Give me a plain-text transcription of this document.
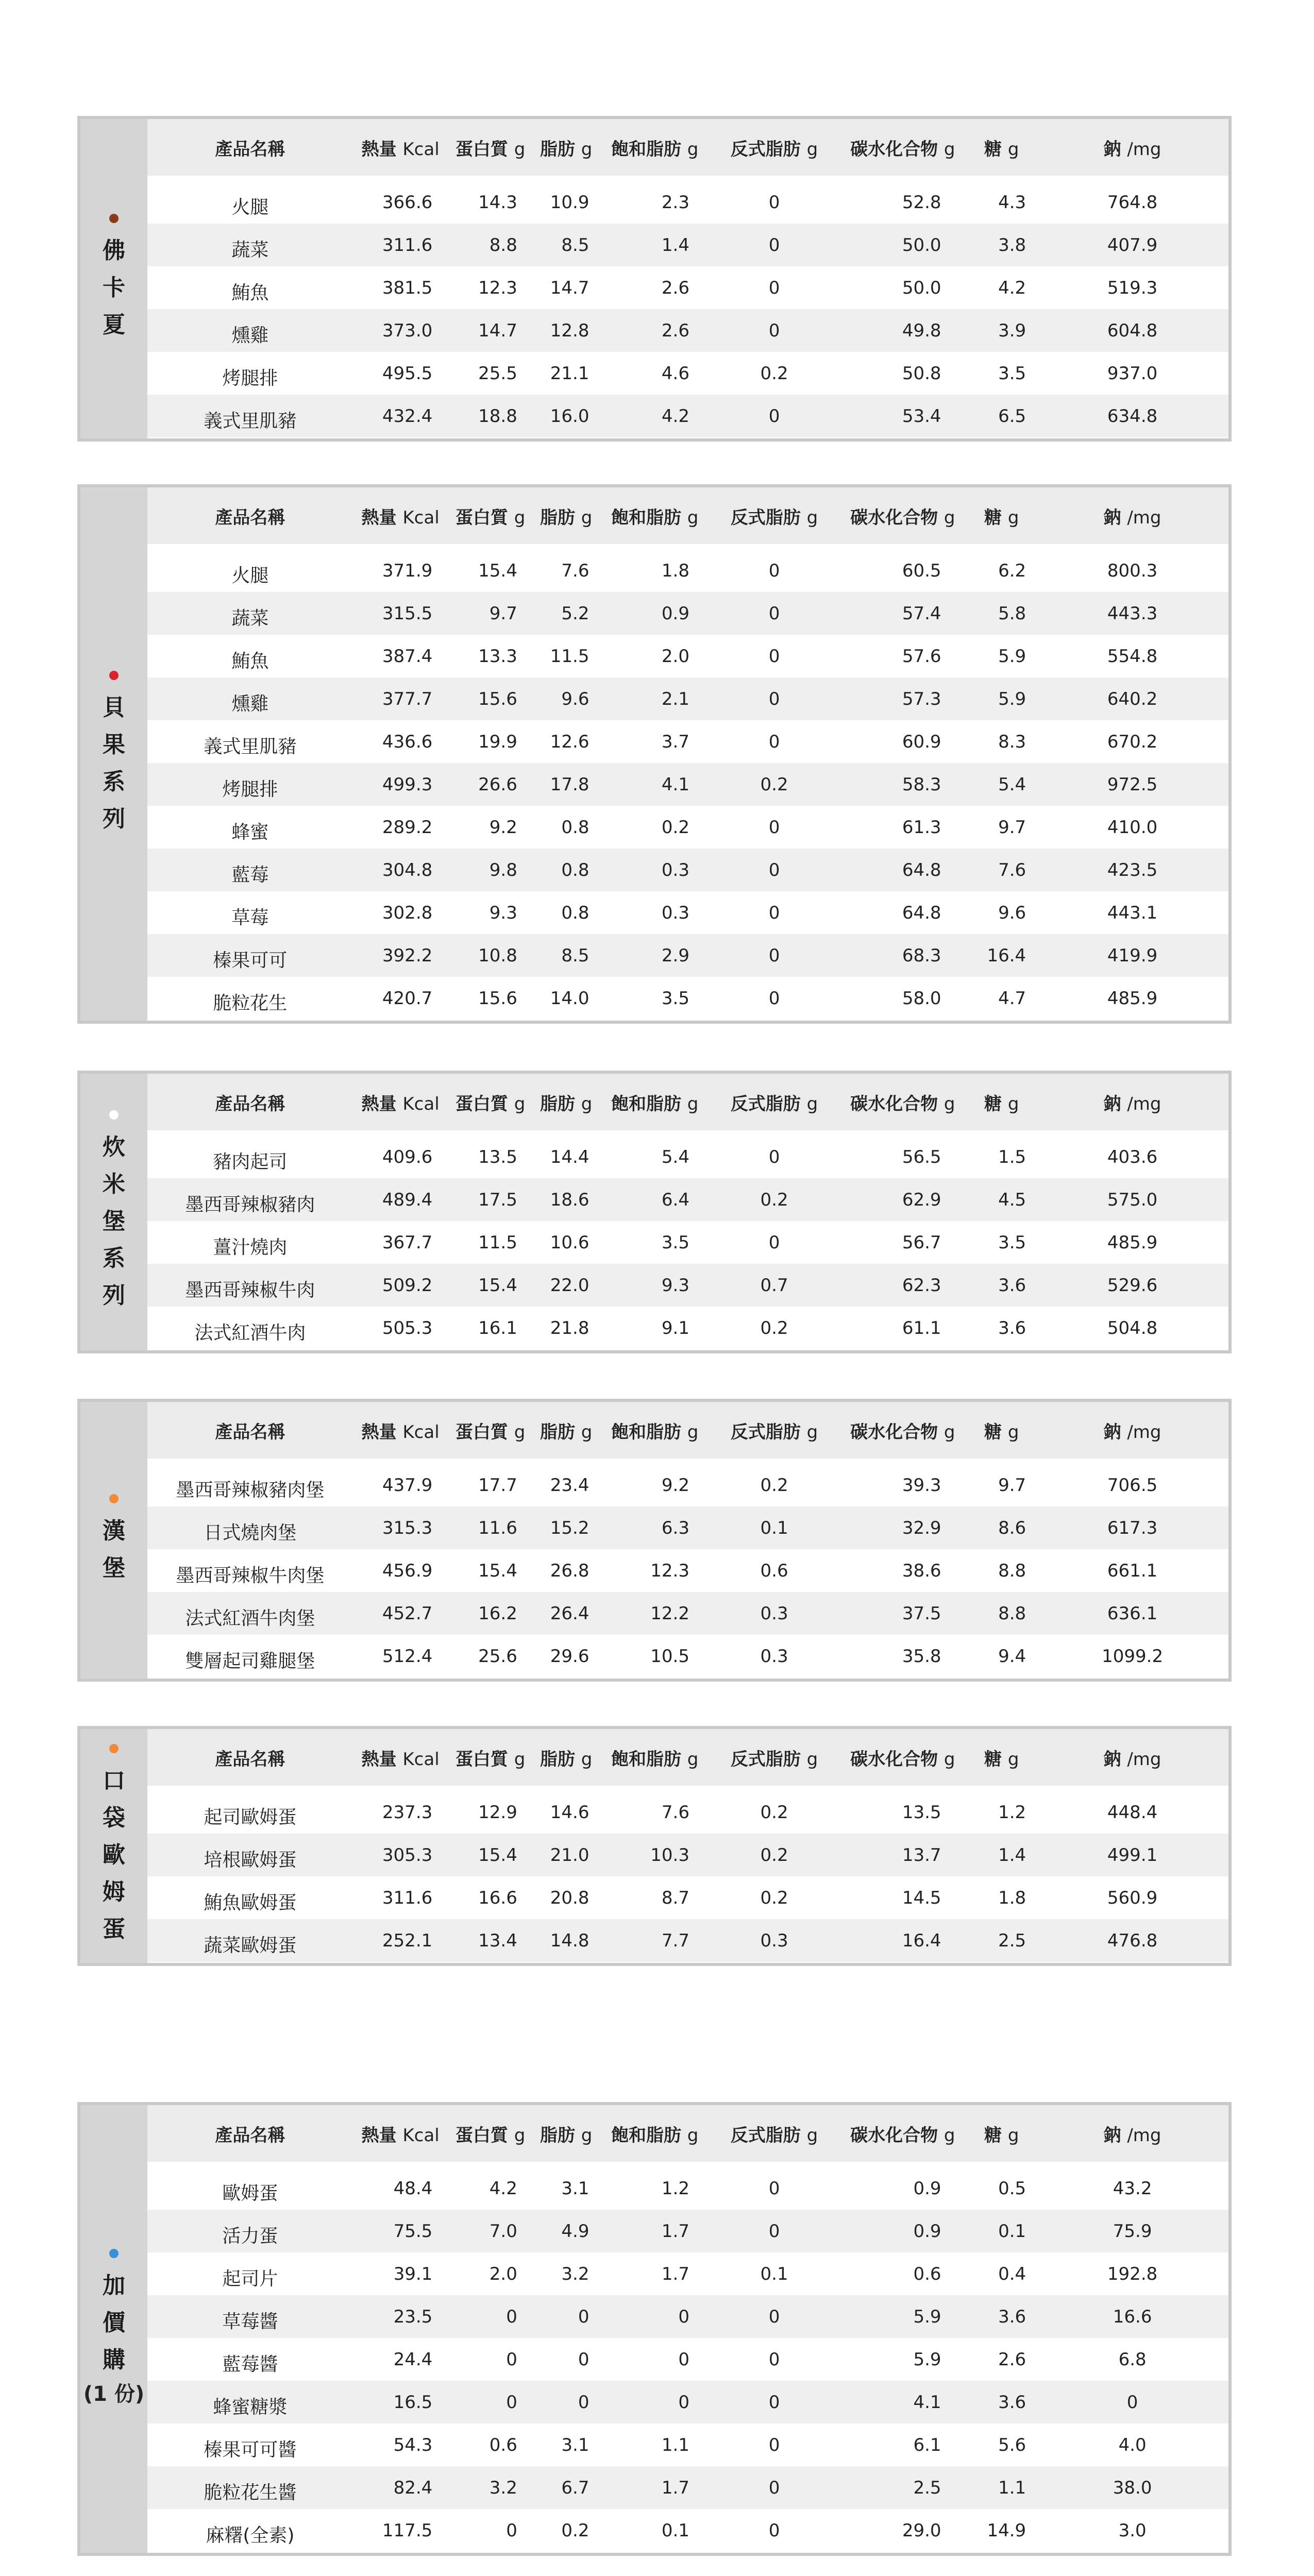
佛
卡
夏
產品名稱	熱量 Kcal 蛋白質 g 脂肪 g	飽和脂肪 g	反式脂肪 g	碳水化合物 g	糖 g	鈉 /mg
火腿	366.6	14.3	10.9	2.3	0	52.8	4.3	764.8
蔬菜	311.6	8.8	8.5	1.4	0	50.0	3.8	407.9
鮪魚	381.5	12.3	14.7	2.6	0	50.0	4.2	519.3
燻雞	373.0	14.7	12.8	2.6	0	49.8	3.9	604.8
烤腿排	495.5	25.5	21.1	4.6	0.2	50.8	3.5	937.0
義式里肌豬	432.4	18.8	16.0	4.2	0	53.4	6.5	634.8
貝
果
系
列
產品名稱	熱量 Kcal 蛋白質 g 脂肪 g	飽和脂肪 g	反式脂肪 g	碳水化合物 g	糖 g	鈉 /mg
火腿	371.9	15.4	7.6	1.8	0	60.5	6.2	800.3
蔬菜	315.5	9.7	5.2	0.9	0	57.4	5.8	443.3
鮪魚	387.4	13.3	11.5	2.0	0	57.6	5.9	554.8
燻雞	377.7	15.6	9.6	2.1	0	57.3	5.9	640.2
義式里肌豬	436.6	19.9	12.6	3.7	0	60.9	8.3	670.2
烤腿排	499.3	26.6	17.8	4.1	0.2	58.3	5.4	972.5
蜂蜜	289.2	9.2	0.8	0.2	0	61.3	9.7	410.0
藍莓	304.8	9.8	0.8	0.3	0	64.8	7.6	423.5
草莓	302.8	9.3	0.8	0.3	0	64.8	9.6	443.1
榛果可可	392.2	10.8	8.5	2.9	0	68.3	16.4	419.9
脆粒花生	420.7	15.6	14.0	3.5	0	58.0	4.7	485.9
炊
米
堡
系
列
產品名稱	熱量 Kcal 蛋白質 g 脂肪 g	飽和脂肪 g	反式脂肪 g	碳水化合物 g	糖 g	鈉 /mg
豬肉起司	409.6	13.5	14.4	5.4	0	56.5	1.5	403.6
墨西哥辣椒豬肉	489.4	17.5	18.6	6.4	0.2	62.9	4.5	575.0
薑汁燒肉	367.7	11.5	10.6	3.5	0	56.7	3.5	485.9
墨西哥辣椒牛肉	509.2	15.4	22.0	9.3	0.7	62.3	3.6	529.6
法式紅酒牛肉	505.3	16.1	21.8	9.1	0.2	61.1	3.6	504.8
漢
堡
產品名稱	熱量 Kcal 蛋白質 g 脂肪 g	飽和脂肪 g	反式脂肪 g	碳水化合物 g	糖 g	鈉 /mg
墨西哥辣椒豬肉堡	437.9	17.7	23.4	9.2	0.2	39.3	9.7	706.5
日式燒肉堡	315.3	11.6	15.2	6.3	0.1	32.9	8.6	617.3
墨西哥辣椒牛肉堡	456.9	15.4	26.8	12.3	0.6	38.6	8.8	661.1
法式紅酒牛肉堡	452.7	16.2	26.4	12.2	0.3	37.5	8.8	636.1
雙層起司雞腿堡	512.4	25.6	29.6	10.5	0.3	35.8	9.4	1099.2
口
袋
歐
姆
蛋
產品名稱	熱量 Kcal 蛋白質 g 脂肪 g	飽和脂肪 g	反式脂肪 g	碳水化合物 g	糖 g	鈉 /mg
起司歐姆蛋	237.3	12.9	14.6	7.6	0.2	13.5	1.2	448.4
培根歐姆蛋	305.3	15.4	21.0	10.3	0.2	13.7	1.4	499.1
鮪魚歐姆蛋	311.6	16.6	20.8	8.7	0.2	14.5	1.8	560.9
蔬菜歐姆蛋	252.1	13.4	14.8	7.7	0.3	16.4	2.5	476.8
加
價
購
(1 份)
產品名稱	熱量 Kcal 蛋白質 g 脂肪 g	飽和脂肪 g	反式脂肪 g	碳水化合物 g	糖 g	鈉 /mg
歐姆蛋	48.4	4.2	3.1	1.2	0	0.9	0.5	43.2
活力蛋	75.5	7.0	4.9	1.7	0	0.9	0.1	75.9
起司片	39.1	2.0	3.2	1.7	0.1	0.6	0.4	192.8
草莓醬	23.5	0	0	0	0	5.9	3.6	16.6
藍莓醬	24.4	0	0	0	0	5.9	2.6	6.8
蜂蜜糖漿	16.5	0	0	0	0	4.1	3.6	0
榛果可可醬	54.3	0.6	3.1	1.1	0	6.1	5.6	4.0
脆粒花生醬	82.4	3.2	6.7	1.7	0	2.5	1.1	38.0
麻糬(全素)	117.5	0	0.2	0.1	0	29.0	14.9	3.0
